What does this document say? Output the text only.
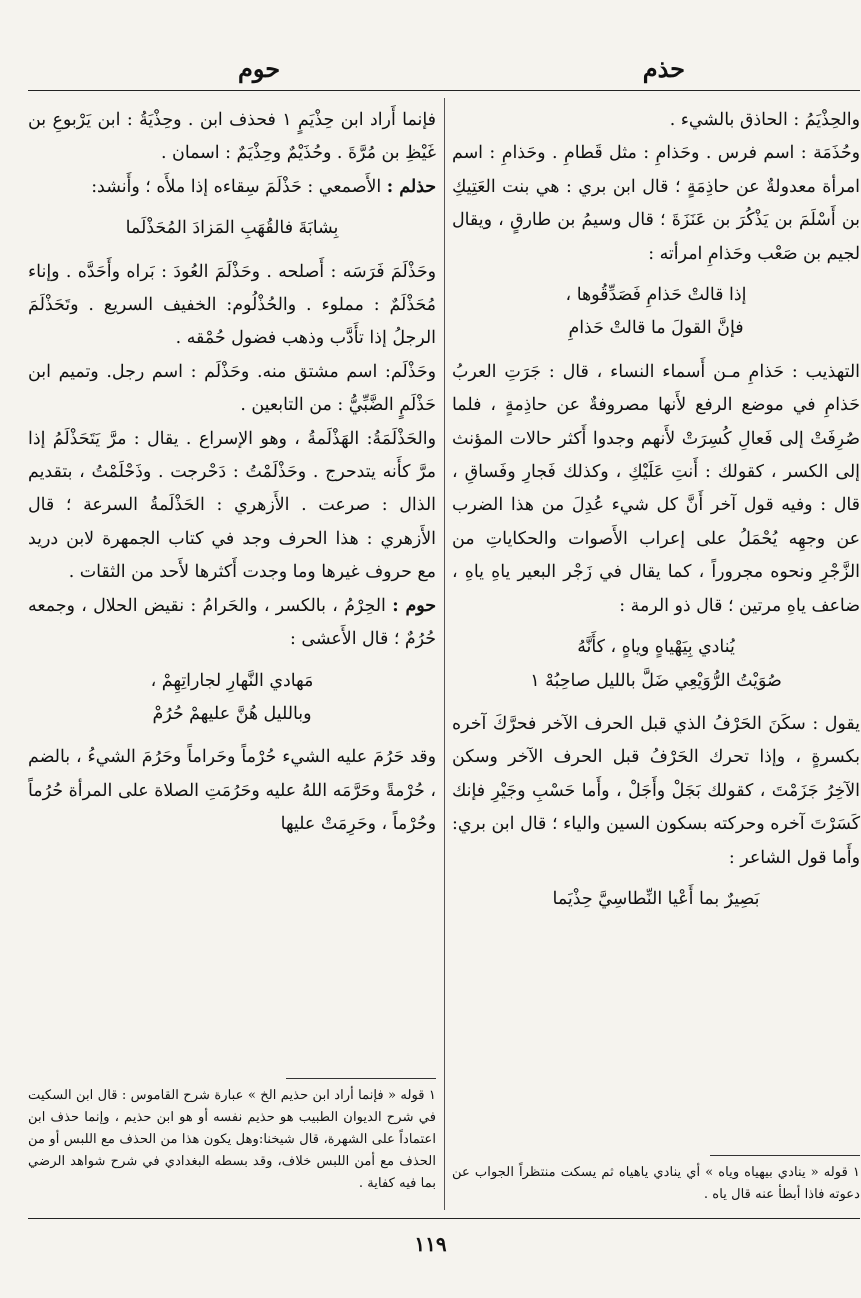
حذم
حوم

والحِذْيَمُ : الحاذق بالشيء .

وحُذَمَة : اسم فرس . وحَذامِ : مثل قَطامِ . وحَذامِ : اسم امرأة معدولةٌ عن حاذِمَةٍ ؛ قال ابن بري : هي بنت العَتِيكِ بن أَسْلَمَ بن يَذْكُرَ بن عَنَزَةَ ؛ قال وسيمُ بن طارقٍ ، ويقال لجيم بن صَعْب وحَذامِ امرأته :

إذا قالتْ حَذامِ فَصَدِّقُوها ،
فإنَّ القولَ ما قالتْ حَذامِ

التهذيب : حَذامِ مـن أَسماء النساء ، قال : جَرَتِ العربُ حَذامِ في موضع الرفع لأَنها مصروفةٌ عن حاذِمةٍ ، فلما صُرِفَتْ إلى فَعالِ كُسِرَتْ لأَنهم وجدوا أَكثر حالات المؤنث إلى الكسر ، كقولك : أَنتِ عَلَيْكِ ، وكذلك فَجارِ وفَساقِ ، قال : وفيه قول آخر أَنَّ كل شيء عُدِلَ من هذا الضرب عن وجهِه يُحْمَلُ على إعراب الأَصوات والحكاياتِ من الزَّجْرِ ونحوه مجروراً ، كما يقال في زَجْر البعير ياهِ ياهِ ، ضاعف ياهِ مرتين ؛ قال ذو الرمة :

يُنادي بِيَهْياهٍ وياهٍ ، كأَنَّهُ
صُوَيْتُ الرُّوَيْعِي ضَلَّ بالليل صاحِبُهْ ١

يقول : سكَنَ الحَرْفُ الذي قبل الحرف الآخر فحرَّكَ آخره بكسرةٍ ، وإذا تحرك الحَرْفُ قبل الحرف الآخر وسكن الآخِرُ جَزَمْتَ ، كقولك بَجَلْ وأَجَلْ ، وأَما حَسْبِ وجَيْرِ فإنك كَسَرْتَ آخره وحركته بسكون السين والياء ؛ قال ابن بري: وأَما قول الشاعر :

بَصِيرٌ بما أَعْيا النِّطاسِيَّ حِذْيَما

١ قوله « ينادي بيهياه وياه » أي ينادي ياهياه ثم يسكت منتظراً الجواب عن دعوته فاذا أبطأ عنه قال ياه .

فإنما أَراد ابن حِذْيَمٍ ١ فحذف ابن . وحِذْيَةُ : ابن يَرْبوعِ بن غَيْظِ بن مُرَّةَ . وحُذَيْمٌ وحِذْيَمٌ : اسمان .

حذلم : الأَصمعي : حَذْلَمَ سِقاءه إذا ملأَه ؛ وأَنشد:

بِشابَةَ فالقُهَبِ المَزادَ المُحَذْلَما

وحَذْلَمَ فَرَسَه : أَصلحه . وحَذْلَمَ العُودَ : بَراه وأَحَدَّه . وإناء مُحَذْلَمٌ : مملوء . والحُذْلُوم: الخفيف السريع . وتَحَذْلَمَ الرجلُ إذا تأَدَّب وذهب فضول حُمْقه .

وحَذْلَم: اسم مشتق منه. وحَذْلَم : اسم رجل. وتميم ابن حَذْلَمٍ الضَّبِّيُّ : من التابعين .

والحَذْلَمَةُ: الهَذْلَمةُ ، وهو الإسراع . يقال : مرَّ يَتَحَذْلَمُ إذا مرَّ كأَنه يتدحرج . وحَذْلَمْتُ : دَحْرجت . وذَحْلَمْتُ ، بتقديم الذال : صرعت . الأَزهري : الحَذْلَمةُ السرعة ؛ قال الأَزهري : هذا الحرف وجد في كتاب الجمهرة لابن دريد مع حروف غيرها وما وجدت أَكثرها لأَحد من الثقات .

حوم : الحِرْمُ ، بالكسر ، والحَرامُ : نقيض الحلال ، وجمعه حُرُمٌ ؛ قال الأَعشى :

مَهادي النَّهارِ لجاراتِهِمْ ،
وبالليل هُنَّ عليهمْ حُرُمْ

وقد حَرُمَ عليه الشيء حُرْماً وحَراماً وحَرُمَ الشيءُ ، بالضم ، حُرْمةً وحَرَّمَه اللهُ عليه وحَرُمَتِ الصلاة على المرأة حُرُماً وحُرْماً ، وحَرِمَتْ عليها

١ قوله « فإنما أراد ابن حذيم الخ » عبارة شرح القاموس : قال ابن السكيت في شرح الديوان الطبيب هو حذيم نفسه أو هو ابن حذيم ، وإنما حذف ابن اعتماداً على الشهرة، قال شيخنا:وهل يكون هذا من الحذف مع اللبس أو من الحذف مع أمن اللبس خلاف، وقد بسطه البغدادي في شرح شواهد الرضي بما فيه كفاية .

١١٩
